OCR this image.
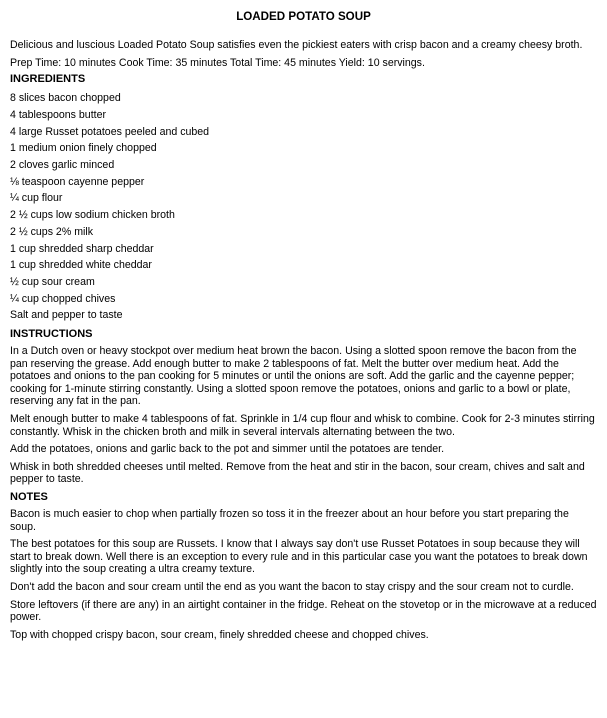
LOADED POTATO SOUP

Delicious and luscious Loaded Potato Soup satisfies even the pickiest eaters with crisp bacon and a creamy cheesy broth.

Prep Time: 10 minutes Cook Time: 35 minutes Total Time: 45 minutes Yield: 10 servings.

INGREDIENTS
8 slices bacon chopped
4 tablespoons butter
4 large Russet potatoes peeled and cubed
1 medium onion finely chopped
2 cloves garlic minced
⅛ teaspoon cayenne pepper
¼ cup flour
2 ½ cups low sodium chicken broth
2 ½ cups 2% milk
1 cup shredded sharp cheddar
1 cup shredded white cheddar
½ cup sour cream
¼ cup chopped chives
Salt and pepper to taste
INSTRUCTIONS

In a Dutch oven or heavy stockpot over medium heat brown the bacon. Using a slotted spoon remove the bacon from the pan reserving the grease. Add enough butter to make 2 tablespoons of fat. Melt the butter over medium heat. Add the potatoes and onions to the pan cooking for 5 minutes or until the onions are soft. Add the garlic and the cayenne pepper; cooking for 1-minute stirring constantly. Using a slotted spoon remove the potatoes, onions and garlic to a bowl or plate, reserving any fat in the pan.

Melt enough butter to make 4 tablespoons of fat. Sprinkle in 1/4 cup flour and whisk to combine. Cook for 2-3 minutes stirring constantly. Whisk in the chicken broth and milk in several intervals alternating between the two.

Add the potatoes, onions and garlic back to the pot and simmer until the potatoes are tender.

Whisk in both shredded cheeses until melted. Remove from the heat and stir in the bacon, sour cream, chives and salt and pepper to taste.

NOTES

Bacon is much easier to chop when partially frozen so toss it in the freezer about an hour before you start preparing the soup.

The best potatoes for this soup are Russets. I know that I always say don't use Russet Potatoes in soup because they will start to break down. Well there is an exception to every rule and in this particular case you want the potatoes to break down slightly into the soup creating a ultra creamy texture.

Don't add the bacon and sour cream until the end as you want the bacon to stay crispy and the sour cream not to curdle.

Store leftovers (if there are any) in an airtight container in the fridge. Reheat on the stovetop or in the microwave at a reduced power.

Top with chopped crispy bacon, sour cream, finely shredded cheese and chopped chives.
